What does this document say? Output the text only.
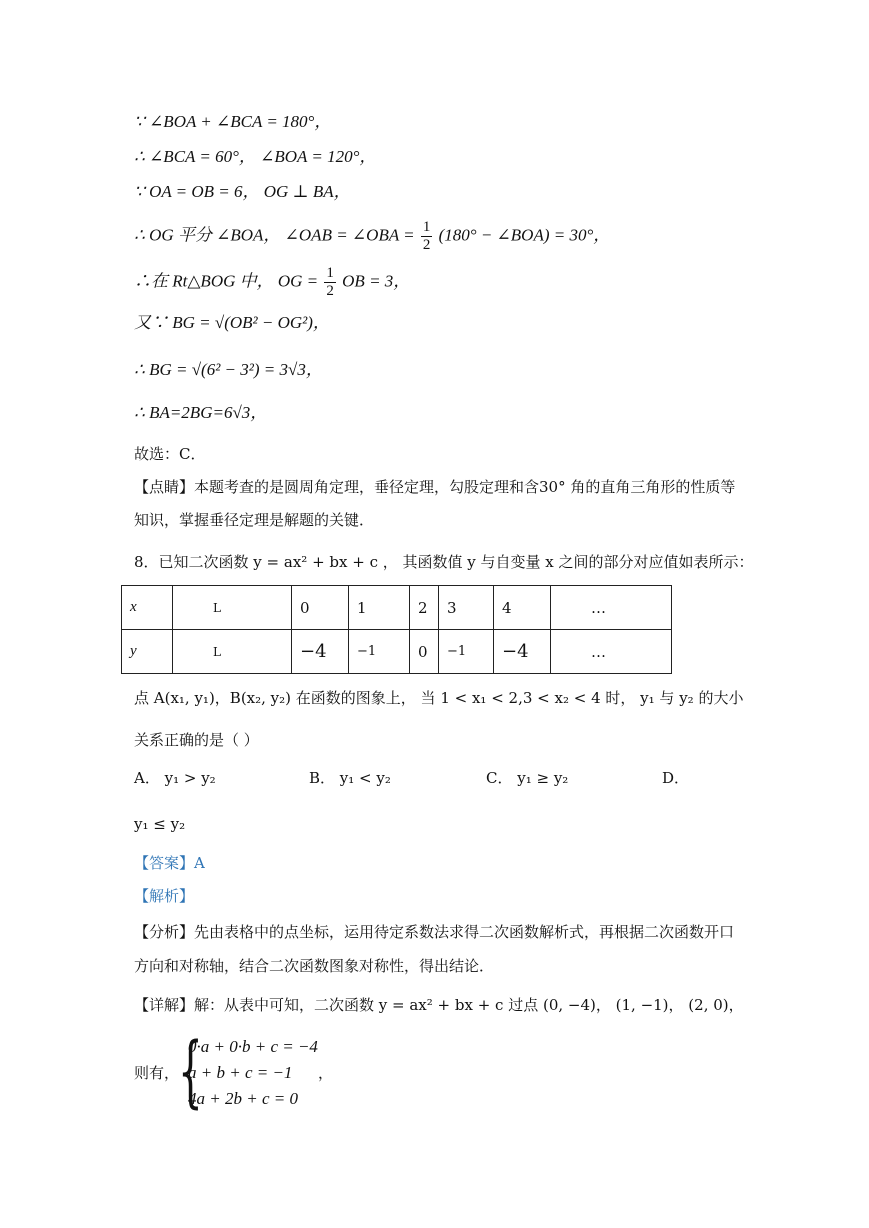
∵ ∠BOA + ∠BCA = 180°，
∴ ∠BCA = 60°， ∠BOA = 120°，
∵ OA = OB = 6， OG ⊥ BA，
∴ OG 平分 ∠BOA， ∠OAB = ∠OBA = $\frac{1}{2} (180^\circ$ − ∠BOA) = 30°，
∴在 Rt△BOG 中， OG = $\frac{1}{2}$ OB = 3，
又∵ BG = √(OB² − OG²)，
∴ BG = √(6² − 3²) = 3√3，
∴ BA=2BG=6√3，
故选：C．
【点睛】本题考查的是圆周角定理，垂径定理，勾股定理和含30° 角的直角三角形的性质等
知识，掌握垂径定理是解题的关键．
8．已知二次函数 y = ax² + bx + c ， 其函数值 y 与自变量 x 之间的部分对应值如表所示：
x	L	0	1	2	3	4	…
y	L	−4	−1	0	−1	−4	…
点 A(x₁, y₁)，B(x₂, y₂) 在函数的图象上， 当 1 < x₁ < 2,3 < x₂ < 4 时， y₁ 与 y₂ 的大小
关系正确的是（ ）
A． y₁ > y₂	B． y₁ < y₂	C． y₁ ≥ y₂	D．
y₁ ≤ y₂
【答案】A
【解析】
【分析】先由表格中的点坐标，运用待定系数法求得二次函数解析式，再根据二次函数开口
方向和对称轴，结合二次函数图象对称性，得出结论．
【详解】解：从表中可知，二次函数 y = ax² + bx + c 过点 (0, −4)， (1, −1)， (2, 0)，
则有，
{
0·a + 0·b + c = −4
a + b + c = −1
4a + 2b + c = 0
，
